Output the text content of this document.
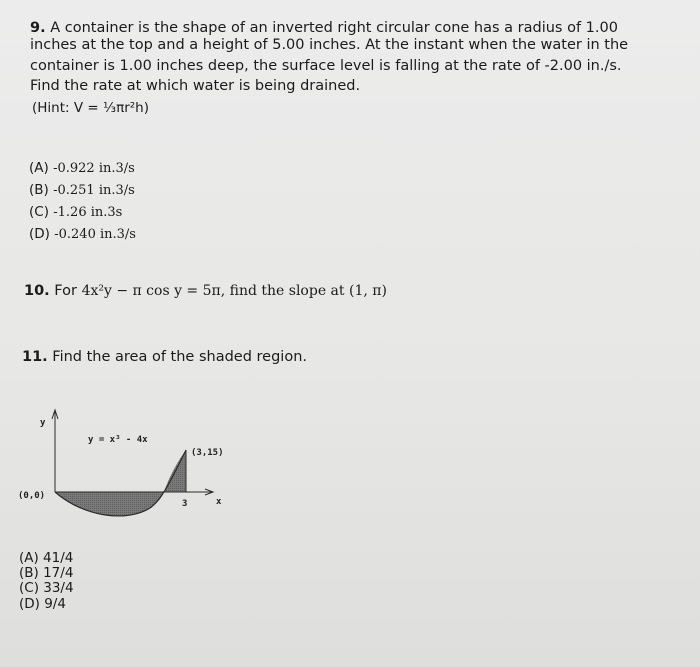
9. A container is the shape of an inverted right circular cone has a radius of 1.00
inches at the top and a height of 5.00 inches. At the instant when the water in the
container is 1.00 inches deep, the surface level is falling at the rate of -2.00 in./s.
Find the rate at which water is being drained.
(Hint: V = ⅓πr²h)
(A) -0.922 in.3/s
(B) -0.251 in.3/s
(C) -1.26 in.3s
(D) -0.240 in.3/s
10. For 4x²y − π cos y = 5π, find the slope at (1, π)
11. Find the area of the shaded region.
y
x
y = x³ - 4x
(3,15)
(0,0)
3
(A) 41/4
(B) 17/4
(C) 33/4
(D) 9/4
